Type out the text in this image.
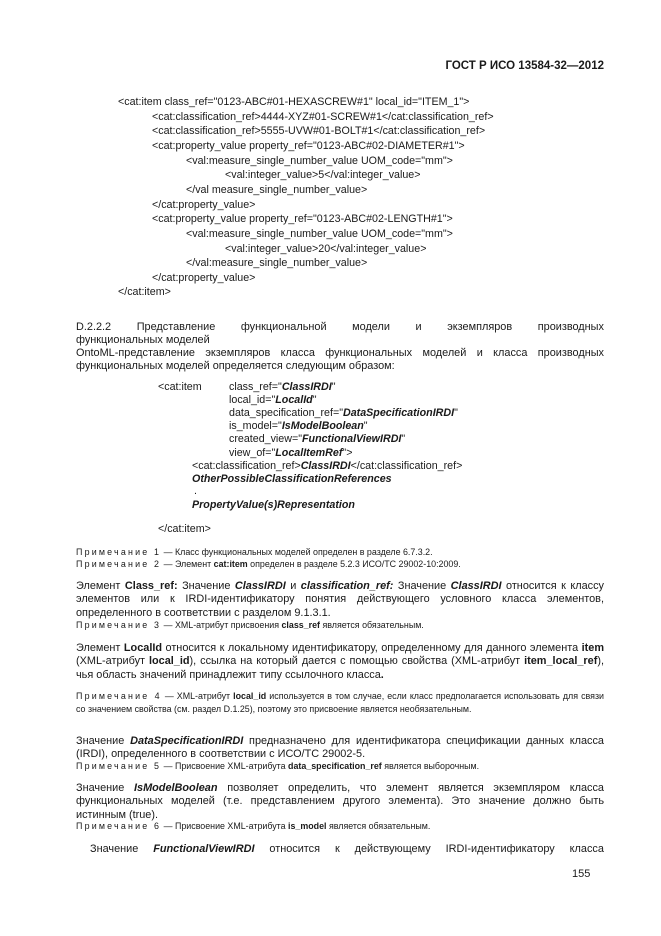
ГОСТ Р ИСО 13584-32—2012
<cat:item class_ref="0123-ABC#01-HEXASCREW#1" local_id="ITEM_1">
<cat:classification_ref>4444-XYZ#01-SCREW#1</cat:classification_ref>
<cat:classification_ref>5555-UVW#01-BOLT#1</cat:classification_ref>
<cat:property_value property_ref="0123-ABC#02-DIAMETER#1">
<val:measure_single_number_value UOM_code="mm">
<val:integer_value>5</val:integer_value>
</val measure_single_number_value>
</cat:property_value>
<cat:property_value property_ref="0123-ABC#02-LENGTH#1">
<val:measure_single_number_value UOM_code="mm">
<val:integer_value>20</val:integer_value>
</val:measure_single_number_value>
</cat:property_value>
</cat:item>
D.2.2.2 Представление функциональной модели и экземпляров производных
функциональных моделей
OntoML-представление экземпляров класса функциональных моделей и класса производных функциональных моделей определяется следующим образом:
<cat:item	class_ref="ClassIRDI"
local_id="LocalId"
data_specification_ref="DataSpecificationIRDI"
is_model="IsModelBoolean"
created_view="FunctionalViewIRDI"
view_of="LocalItemRef">
<cat:classification_ref>ClassIRDI</cat:classification_ref>
OtherPossibleClassificationReferences
.
PropertyValue(s)Representation
</cat:item>
Примечание 1 — Класс функциональных моделей определен в разделе 6.7.3.2.
Примечание 2 — Элемент cat:item определен в разделе 5.2.3 ИСО/ТС 29002-10:2009.
Элемент Class_ref: Значение ClassIRDI и classification_ref: Значение ClassIRDI относится к классу элементов или к IRDI-идентификатору понятия действующего условного класса элементов, определенного в соответствии с разделом 9.1.3.1.
Примечание 3 — XML-атрибут присвоения class_ref является обязательным.
Элемент LocalId относится к локальному идентификатору, определенному для данного элемента item (XML-атрибут local_id), ссылка на который дается с помощью свойства (XML-атрибут item_local_ref), чья область значений принадлежит типу ссылочного класса.
Примечание 4 — XML-атрибут local_id используется в том случае, если класс предполагается использовать для связи со значением свойства (см. раздел D.1.25), поэтому это присвоение является необязательным.
Значение DataSpecificationIRDI предназначено для идентификатора спецификации данных класса (IRDI), определенного в соответствии с ИСО/ТС 29002-5.
Примечание 5 — Присвоение XML-атрибута data_specification_ref является выборочным.
Значение IsModelBoolean позволяет определить, что элемент является экземпляром класса функциональных моделей (т.е. представлением другого элемента). Это значение должно быть истинным (true).
Примечание 6 — Присвоение XML-атрибута is_model является обязательным.
Значение FunctionalViewIRDI относится к действующему IRDI-идентификатору класса
155
